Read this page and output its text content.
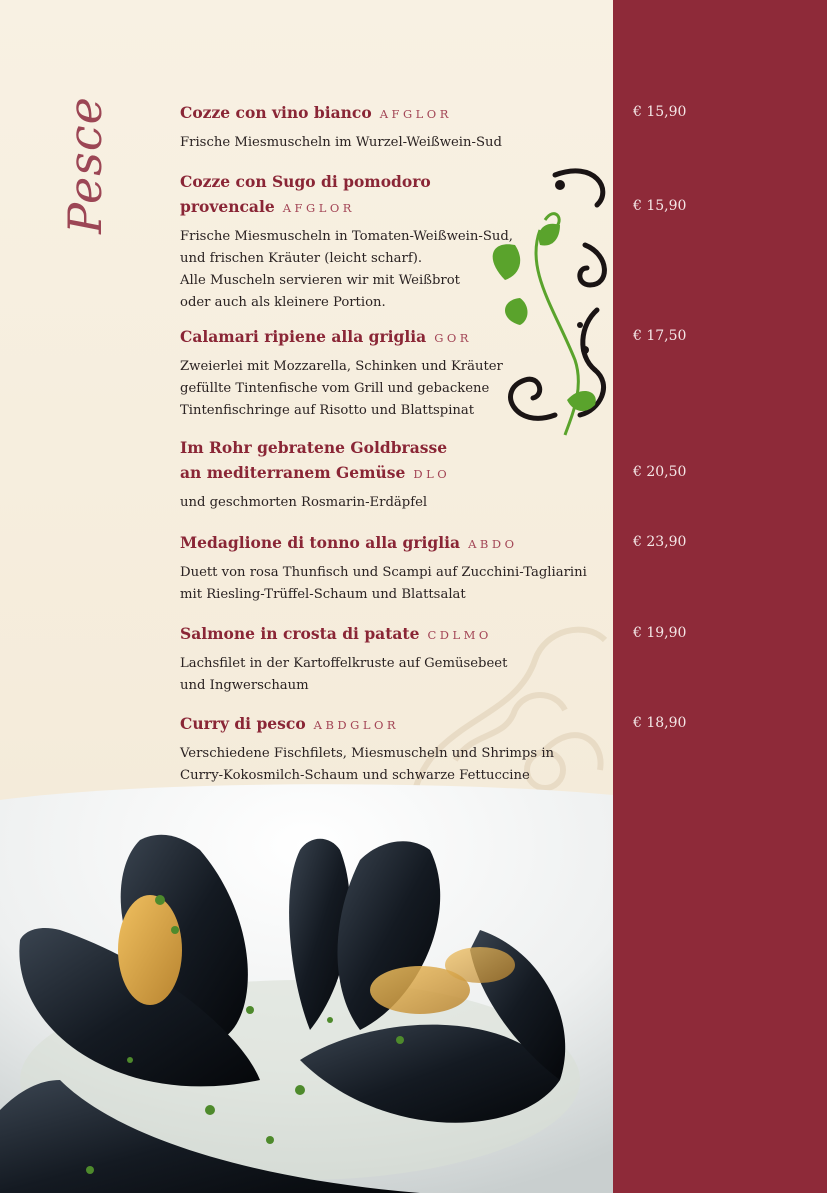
Pesce	Cozze con vino bianco AFGLOR
Frische Miesmuscheln im Wurzel-Weißwein-Sud
Cozze con Sugo di pomodoro
provencale AFGLOR
Frische Miesmuscheln in Tomaten-Weißwein-Sud,
und frischen Kräuter (leicht scharf).
Alle Muscheln servieren wir mit Weißbrot
oder auch als kleinere Portion.
Calamari ripiene alla griglia GOR
Zweierlei mit Mozzarella, Schinken und Kräuter
gefüllte Tintenfische vom Grill und gebackene
Tintenfischringe auf Risotto und Blattspinat
Im Rohr gebratene Goldbrasse
an mediterranem Gemüse DLO
und geschmorten Rosmarin-Erdäpfel
Medaglione di tonno alla griglia ABDO
Duett von rosa Thunfisch und Scampi auf Zucchini-Tagliarini
mit Riesling-Trüffel-Schaum und Blattsalat
Salmone in crosta di patate CDLMO
Lachsfilet in der Kartoffelkruste auf Gemüsebeet
und Ingwerschaum
Curry di pesco ABDGLOR
Verschiedene Fischfilets, Miesmuscheln und Shrimps in
Curry-Kokosmilch-Schaum und schwarze Fettuccine
€ 15,90
€ 15,90
€ 17,50
€ 20,50
€ 23,90
€ 19,90
€ 18,90
